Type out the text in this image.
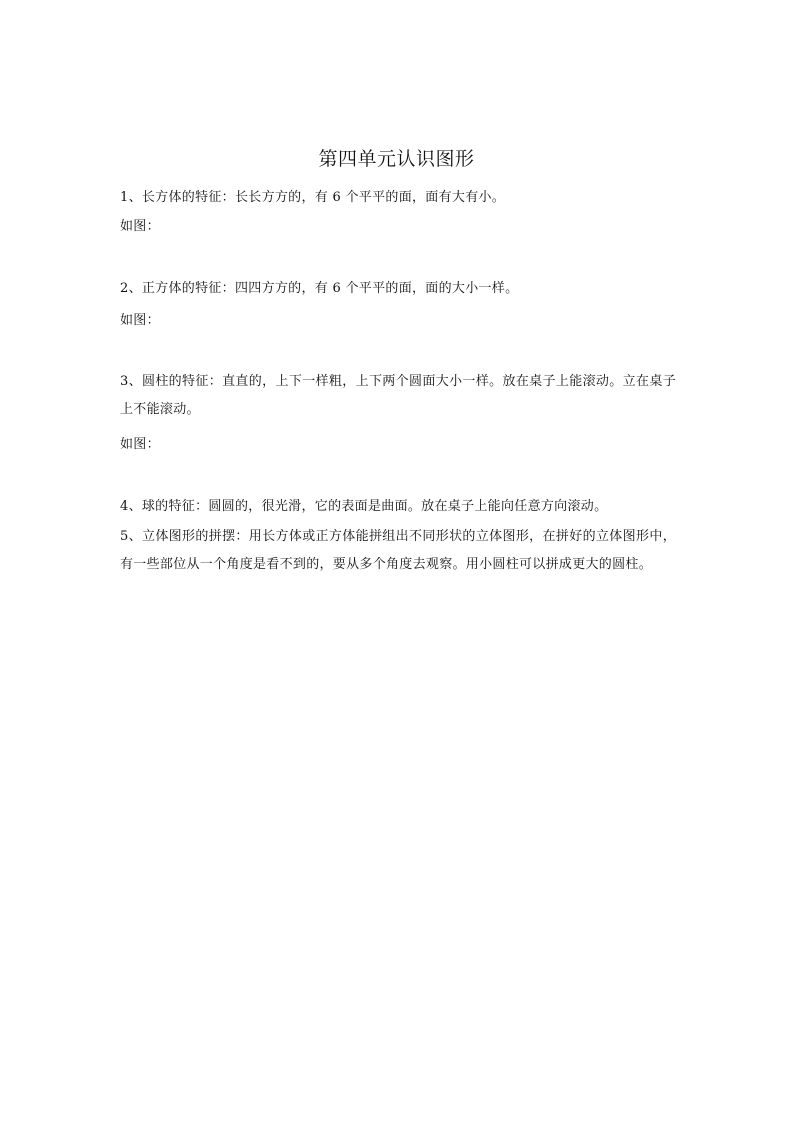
第四单元认识图形

1、长方体的特征：长长方方的，有 6 个平平的面，面有大有小。

如图：

2、正方体的特征：四四方方的，有 6 个平平的面，面的大小一样。

如图：

3、圆柱的特征：直直的，上下一样粗，上下两个圆面大小一样。放在桌子上能滚动。立在桌子上不能滚动。

如图：

4、球的特征：圆圆的，很光滑，它的表面是曲面。放在桌子上能向任意方向滚动。

5、立体图形的拼摆：用长方体或正方体能拼组出不同形状的立体图形，在拼好的立体图形中，有一些部位从一个角度是看不到的，要从多个角度去观察。用小圆柱可以拼成更大的圆柱。
